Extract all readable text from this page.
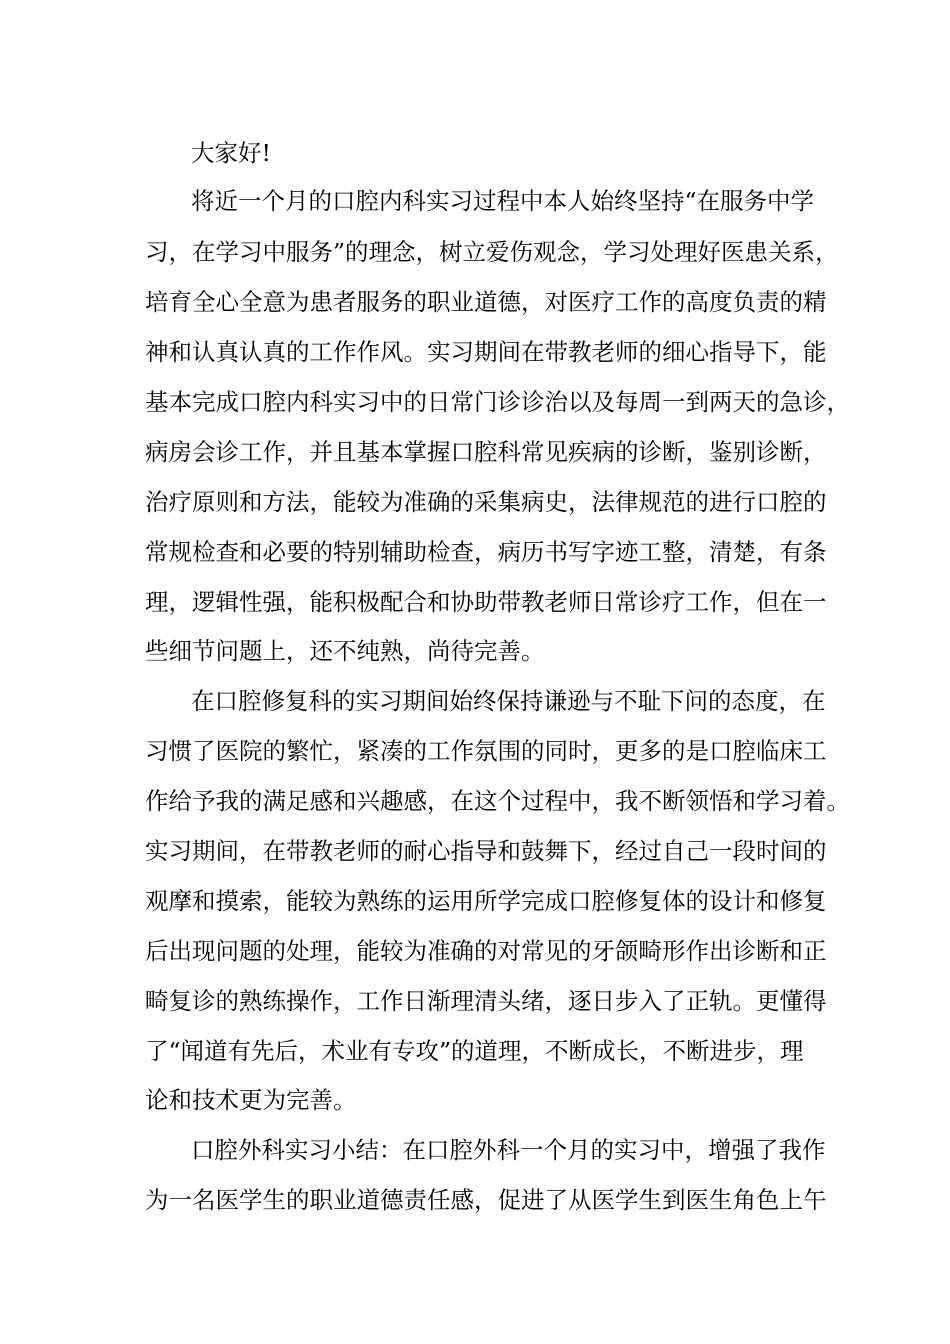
大家好!
将近一个月的口腔内科实习过程中本人始终坚持“在服务中学
习，在学习中服务”的理念，树立爱伤观念，学习处理好医患关系，
培育全心全意为患者服务的职业道德，对医疗工作的高度负责的精
神和认真认真的工作作风。实习期间在带教老师的细心指导下，能
基本完成口腔内科实习中的日常门诊诊治以及每周一到两天的急诊，
病房会诊工作，并且基本掌握口腔科常见疾病的诊断，鉴别诊断，
治疗原则和方法，能较为准确的采集病史，法律规范的进行口腔的
常规检查和必要的特别辅助检查，病历书写字迹工整，清楚，有条
理，逻辑性强，能积极配合和协助带教老师日常诊疗工作，但在一
些细节问题上，还不纯熟，尚待完善。
在口腔修复科的实习期间始终保持谦逊与不耻下问的态度，在
习惯了医院的繁忙，紧凑的工作氛围的同时，更多的是口腔临床工
作给予我的满足感和兴趣感，在这个过程中，我不断领悟和学习着。
实习期间，在带教老师的耐心指导和鼓舞下，经过自己一段时间的
观摩和摸索，能较为熟练的运用所学完成口腔修复体的设计和修复
后出现问题的处理，能较为准确的对常见的牙颌畸形作出诊断和正
畸复诊的熟练操作，工作日渐理清头绪，逐日步入了正轨。更懂得
了“闻道有先后，术业有专攻”的道理，不断成长，不断进步，理
论和技术更为完善。
口腔外科实习小结：在口腔外科一个月的实习中，增强了我作
为一名医学生的职业道德责任感，促进了从医学生到医生角色上午
